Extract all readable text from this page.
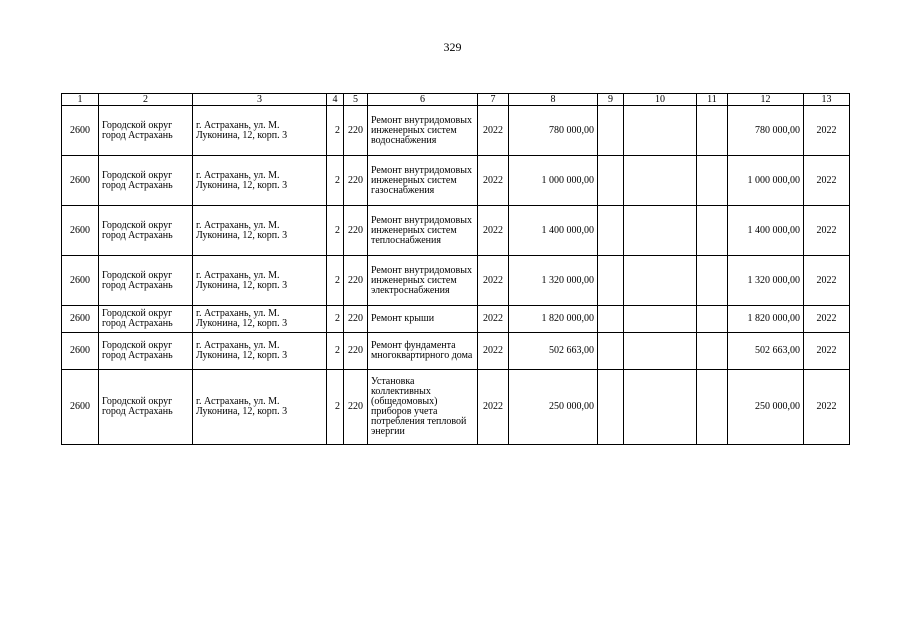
329
1	2	3	4	5	6	7	8	9	10	11	12	13
2600	Городской округ город Астрахань	г. Астрахань, ул. М. Луконина, 12, корп. 3	2	220	Ремонт внутридомовых инженерных систем водоснабжения	2022	780 000,00				780 000,00	2022
2600	Городской округ город Астрахань	г. Астрахань, ул. М. Луконина, 12, корп. 3	2	220	Ремонт внутридомовых инженерных систем газоснабжения	2022	1 000 000,00				1 000 000,00	2022
2600	Городской округ город Астрахань	г. Астрахань, ул. М. Луконина, 12, корп. 3	2	220	Ремонт внутридомовых инженерных систем теплоснабжения	2022	1 400 000,00				1 400 000,00	2022
2600	Городской округ город Астрахань	г. Астрахань, ул. М. Луконина, 12, корп. 3	2	220	Ремонт внутридомовых инженерных систем электроснабжения	2022	1 320 000,00				1 320 000,00	2022
2600	Городской округ город Астрахань	г. Астрахань, ул. М. Луконина, 12, корп. 3	2	220	Ремонт крыши	2022	1 820 000,00				1 820 000,00	2022
2600	Городской округ город Астрахань	г. Астрахань, ул. М. Луконина, 12, корп. 3	2	220	Ремонт фундамента многоквартирного дома	2022	502 663,00				502 663,00	2022
2600	Городской округ город Астрахань	г. Астрахань, ул. М. Луконина, 12, корп. 3	2	220	Установка коллективных (общедомовых) приборов учета потребления тепловой энергии	2022	250 000,00				250 000,00	2022
